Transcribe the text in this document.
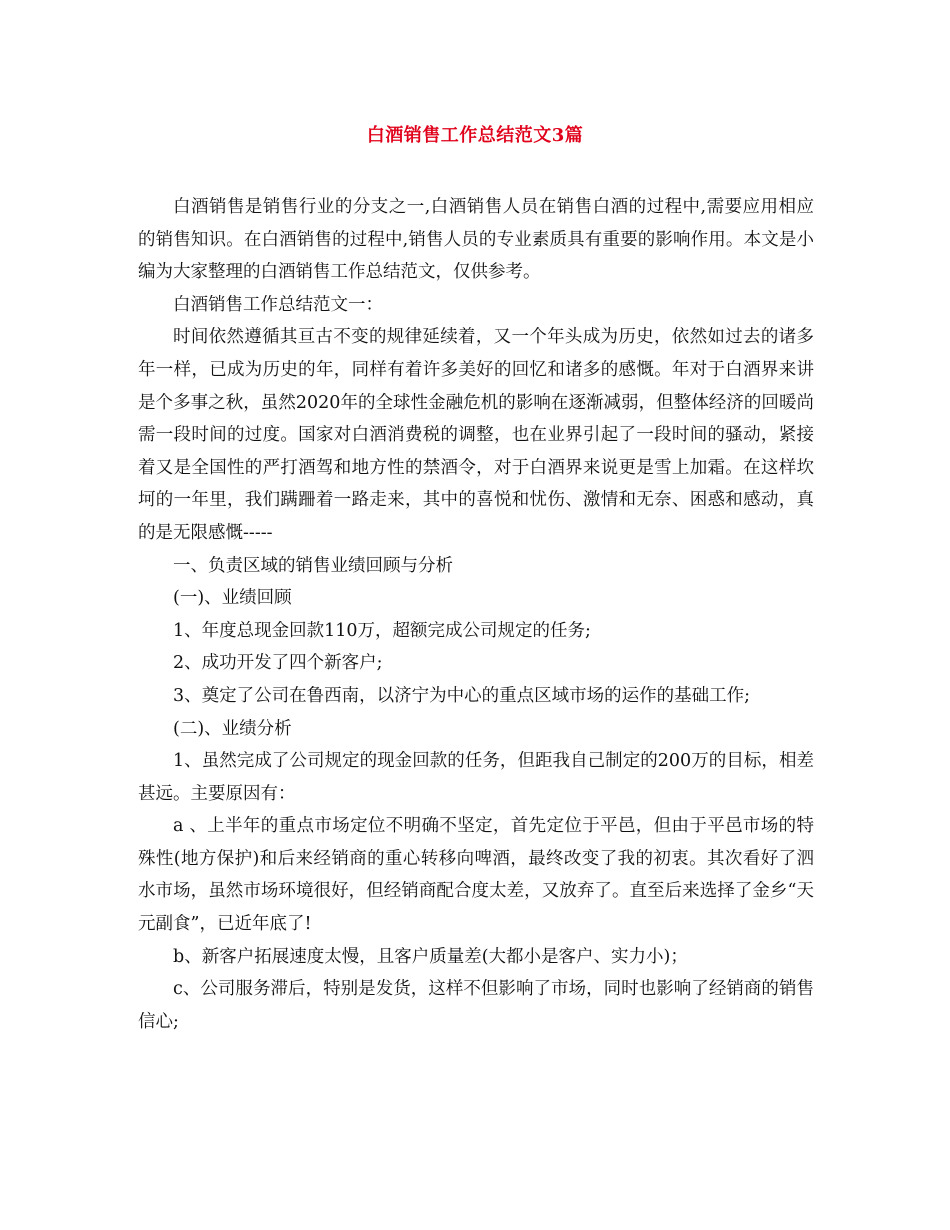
白酒销售工作总结范文3篇

白酒销售是销售行业的分支之一,白酒销售人员在销售白酒的过程中,需要应用相应的销售知识。在白酒销售的过程中,销售人员的专业素质具有重要的影响作用。本文是小编为大家整理的白酒销售工作总结范文，仅供参考。

白酒销售工作总结范文一：

时间依然遵循其亘古不变的规律延续着，又一个年头成为历史，依然如过去的诸多年一样，已成为历史的年，同样有着许多美好的回忆和诸多的感慨。年对于白酒界来讲是个多事之秋，虽然2020年的全球性金融危机的影响在逐渐减弱，但整体经济的回暖尚需一段时间的过度。国家对白酒消费税的调整，也在业界引起了一段时间的骚动，紧接着又是全国性的严打酒驾和地方性的禁酒令，对于白酒界来说更是雪上加霜。在这样坎坷的一年里，我们蹒跚着一路走来，其中的喜悦和忧伤、激情和无奈、困惑和感动，真的是无限感慨-----

一、负责区域的销售业绩回顾与分析

(一)、业绩回顾

1、年度总现金回款110万，超额完成公司规定的任务;

2、成功开发了四个新客户;

3、奠定了公司在鲁西南，以济宁为中心的重点区域市场的运作的基础工作;

(二)、业绩分析

1、虽然完成了公司规定的现金回款的任务，但距我自己制定的200万的目标，相差甚远。主要原因有：

a 、上半年的重点市场定位不明确不坚定，首先定位于平邑，但由于平邑市场的特殊性(地方保护)和后来经销商的重心转移向啤酒，最终改变了我的初衷。其次看好了泗水市场，虽然市场环境很好，但经销商配合度太差，又放弃了。直至后来选择了金乡“天元副食”，已近年底了!

b、新客户拓展速度太慢，且客户质量差(大都小是客户、实力小)；

c、公司服务滞后，特别是发货，这样不但影响了市场，同时也影响了经销商的销售信心;
